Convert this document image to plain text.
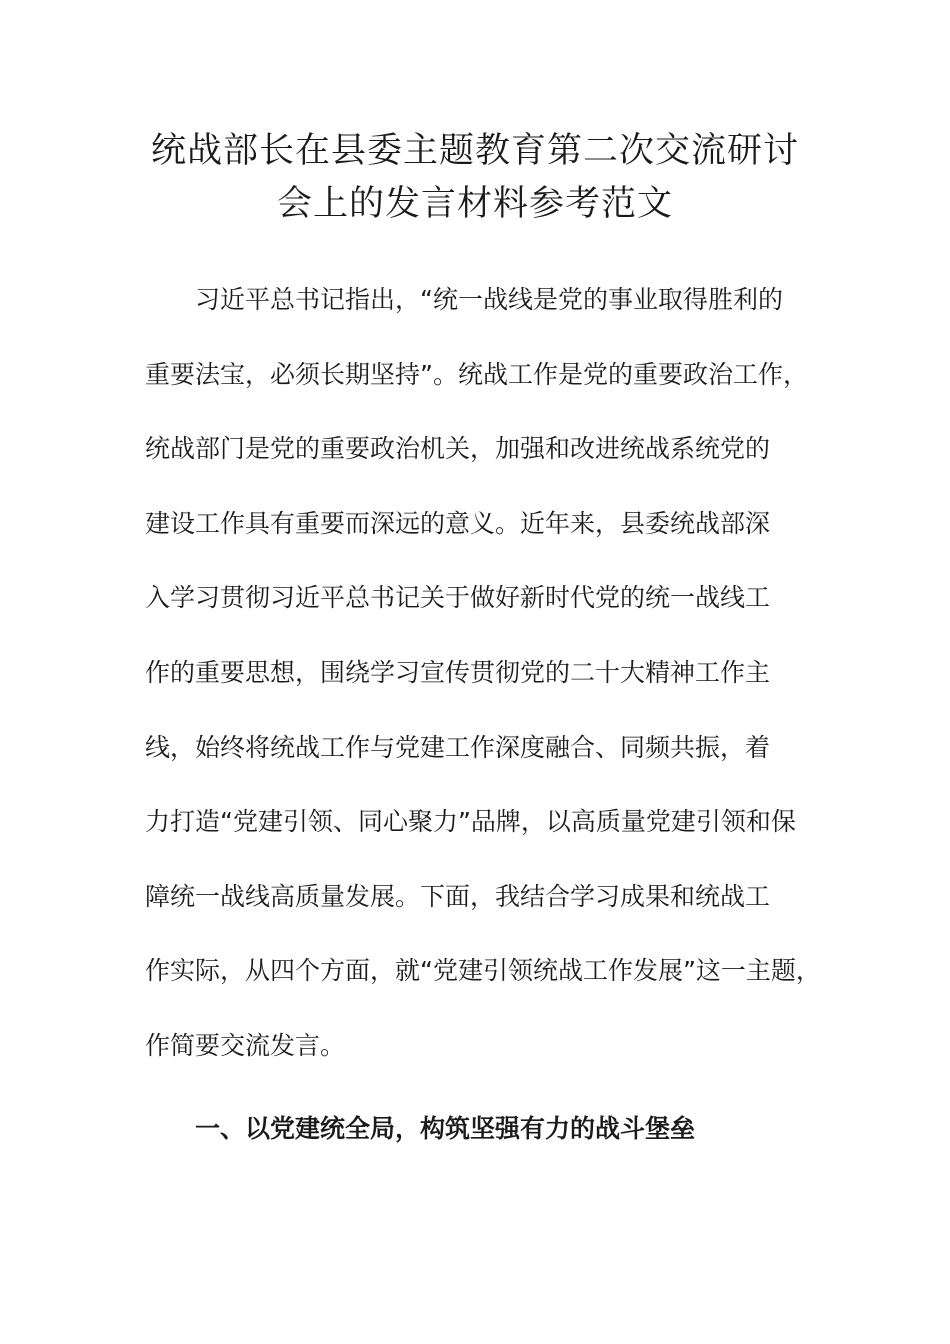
统战部长在县委主题教育第二次交流研讨
会上的发言材料参考范文
习近平总书记指出，“统一战线是党的事业取得胜利的
重要法宝，必须长期坚持”。统战工作是党的重要政治工作，
统战部门是党的重要政治机关，加强和改进统战系统党的
建设工作具有重要而深远的意义。近年来，县委统战部深
入学习贯彻习近平总书记关于做好新时代党的统一战线工
作的重要思想，围绕学习宣传贯彻党的二十大精神工作主
线，始终将统战工作与党建工作深度融合、同频共振，着
力打造“党建引领、同心聚力”品牌，以高质量党建引领和保
障统一战线高质量发展。下面，我结合学习成果和统战工
作实际，从四个方面，就“党建引领统战工作发展”这一主题，
作简要交流发言。
一、以党建统全局，构筑坚强有力的战斗堡垒
